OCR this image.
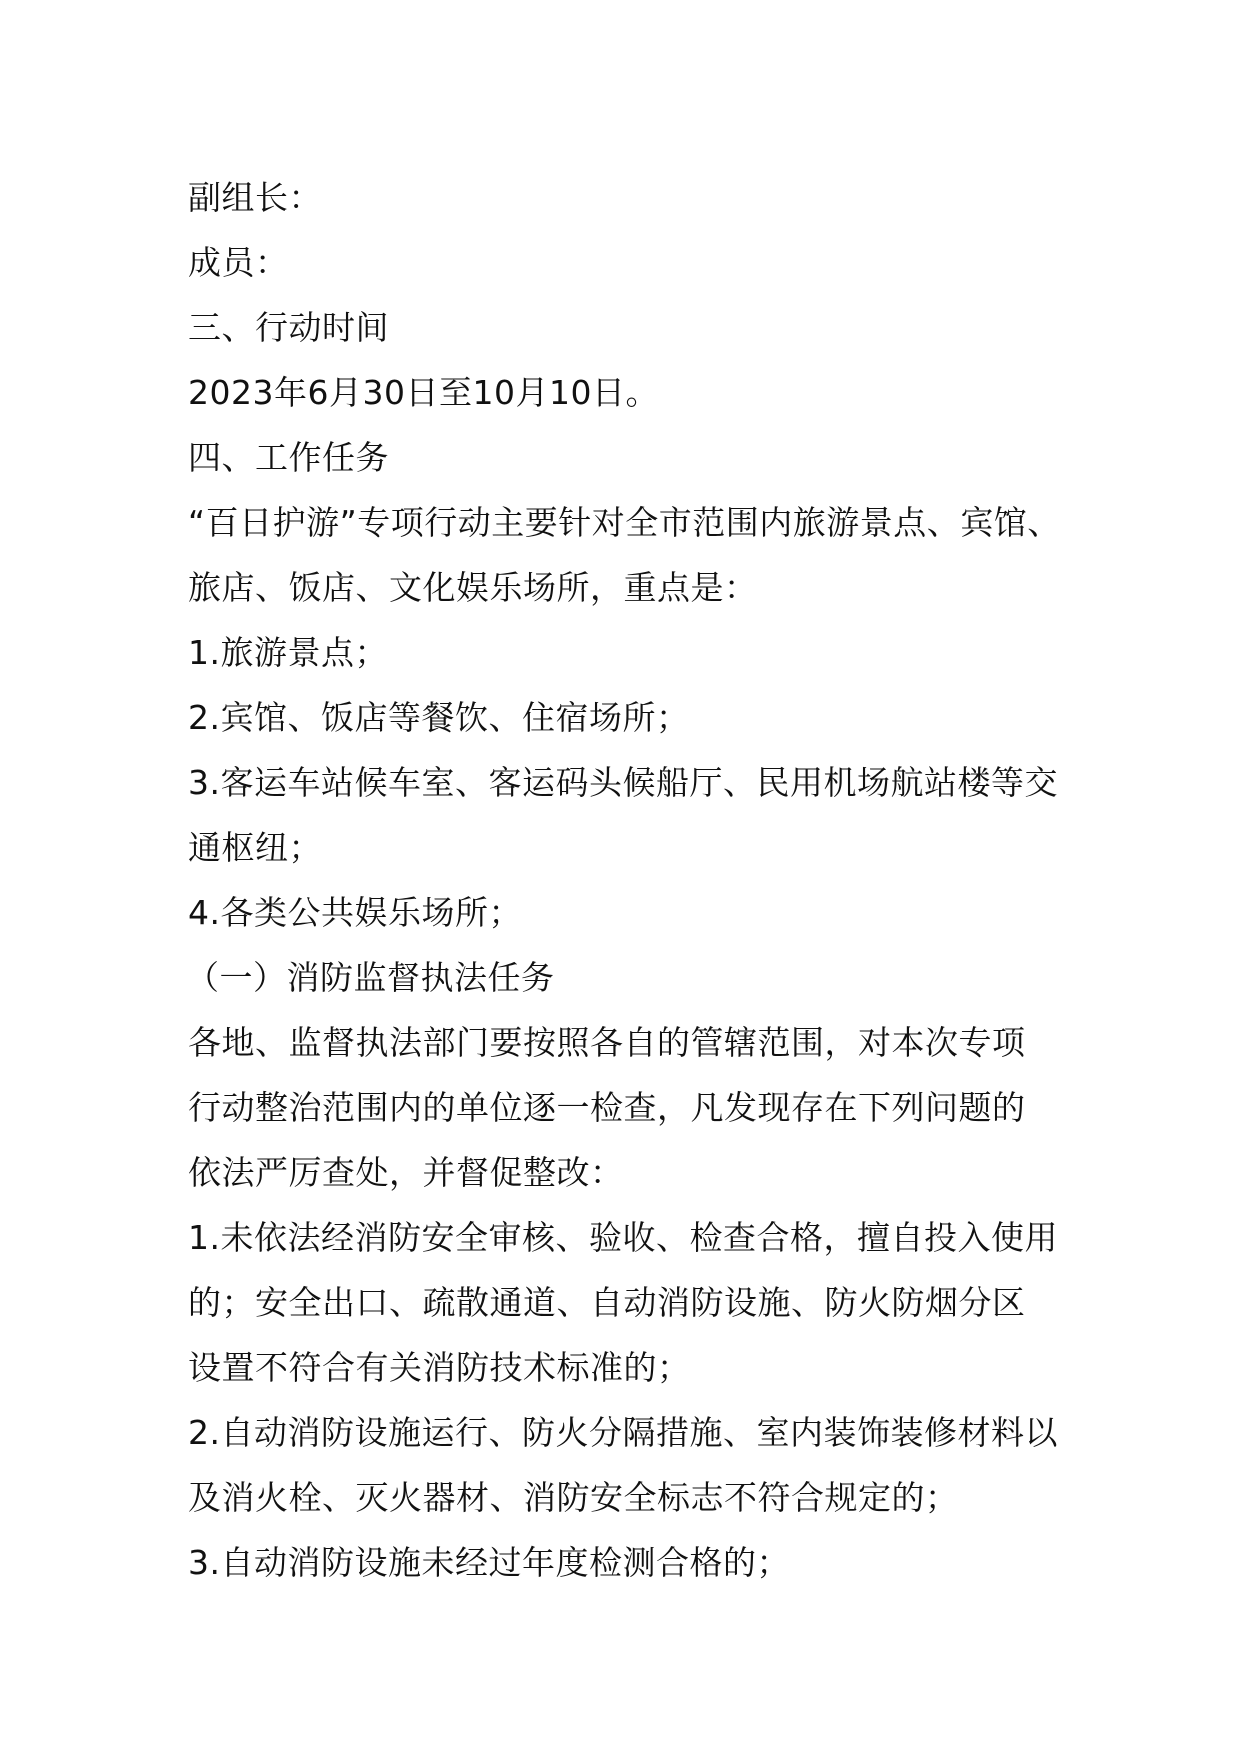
副组长：
成员：
三、行动时间
2023年6月30日至10月10日。
四、工作任务
“百日护游”专项行动主要针对全市范围内旅游景点、宾馆、
旅店、饭店、文化娱乐场所，重点是：
1.旅游景点；
2.宾馆、饭店等餐饮、住宿场所；
3.客运车站候车室、客运码头候船厅、民用机场航站楼等交
通枢纽；
4.各类公共娱乐场所；
（一）消防监督执法任务
各地、监督执法部门要按照各自的管辖范围，对本次专项
行动整治范围内的单位逐一检查，凡发现存在下列问题的
依法严厉查处，并督促整改：
1.未依法经消防安全审核、验收、检查合格，擅自投入使用
的；安全出口、疏散通道、自动消防设施、防火防烟分区
设置不符合有关消防技术标准的；
2.自动消防设施运行、防火分隔措施、室内装饰装修材料以
及消火栓、灭火器材、消防安全标志不符合规定的；
3.自动消防设施未经过年度检测合格的；
